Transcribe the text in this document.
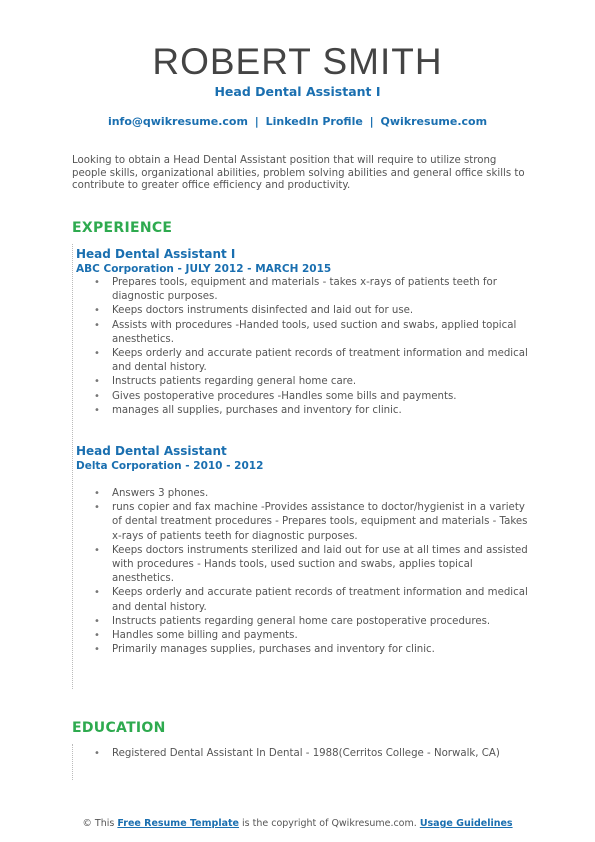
ROBERT SMITH
Head Dental Assistant I
info@qwikresume.com | LinkedIn Profile | Qwikresume.com
Looking to obtain a Head Dental Assistant position that will require to utilize strong people skills, organizational abilities, problem solving abilities and general office skills to contribute to greater office efficiency and productivity.
EXPERIENCE
Head Dental Assistant I
ABC Corporation - JULY 2012 - MARCH 2015
• Prepares tools, equipment and materials - takes x-rays of patients teeth for diagnostic purposes.
• Keeps doctors instruments disinfected and laid out for use.
• Assists with procedures -Handed tools, used suction and swabs, applied topical anesthetics.
• Keeps orderly and accurate patient records of treatment information and medical and dental history.
• Instructs patients regarding general home care.
• Gives postoperative procedures -Handles some bills and payments.
• manages all supplies, purchases and inventory for clinic.
Head Dental Assistant
Delta Corporation - 2010 - 2012
• Answers 3 phones.
• runs copier and fax machine -Provides assistance to doctor/hygienist in a variety of dental treatment procedures - Prepares tools, equipment and materials - Takes x-rays of patients teeth for diagnostic purposes.
• Keeps doctors instruments sterilized and laid out for use at all times and assisted with procedures - Hands tools, used suction and swabs, applies topical anesthetics.
• Keeps orderly and accurate patient records of treatment information and medical and dental history.
• Instructs patients regarding general home care postoperative procedures.
• Handles some billing and payments.
• Primarily manages supplies, purchases and inventory for clinic.
EDUCATION
• Registered Dental Assistant In Dental - 1988(Cerritos College - Norwalk, CA)
© This Free Resume Template is the copyright of Qwikresume.com. Usage Guidelines
